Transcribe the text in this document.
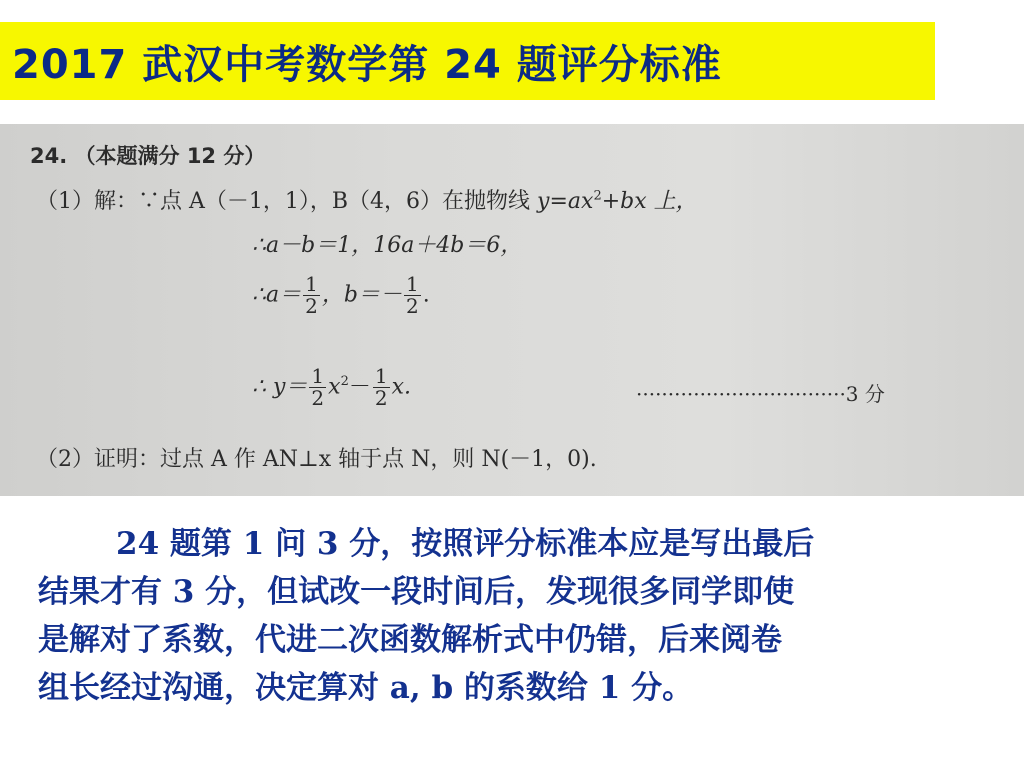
2017 武汉中考数学第 24 题评分标准
24. （本题满分 12 分）
（1）解：∵点 A（－1，1），B（4，6）在抛物线 $y=ax^2+bx$ 上，
∴a－b＝1，16a＋4b＝6，
∴a＝ $\frac{1}{2}$ ，$b=- \frac{1}{2}$ .
∴ $y= \frac{1}{2} x^2- \frac{1}{2} x$.	·································3 分
（2）证明：过点 A 作 AN⊥x 轴于点 N，则 N(－1，0).
24 题第 1 问 3 分，按照评分标准本应是写出最后
结果才有 3 分，但试改一段时间后，发现很多同学即使
是解对了系数，代进二次函数解析式中仍错，后来阅卷
组长经过沟通，决定算对 a, b 的系数给 1 分。
